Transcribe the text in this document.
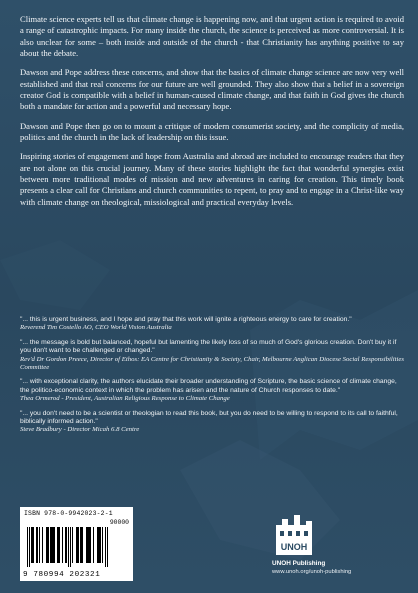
Climate science experts tell us that climate change is happening now, and that urgent action is required to avoid a range of catastrophic impacts. For many inside the church, the science is perceived as more controversial. It is also unclear for some – both inside and outside of the church - that Christianity has anything positive to say about the debate.

Dawson and Pope address these concerns, and show that the basics of climate change science are now very well established and that real concerns for our future are well grounded. They also show that a belief in a sovereign creator God is compatible with a belief in human-caused climate change, and that faith in God gives the church both a mandate for action and a powerful and necessary hope.

Dawson and Pope then go on to mount a critique of modern consumerist society, and the complicity of media, politics and the church in the lack of leadership on this issue.

Inspiring stories of engagement and hope from Australia and abroad are included to encourage readers that they are not alone on this crucial journey. Many of these stories highlight the fact that wonderful synergies exist between more traditional modes of mission and new adventures in caring for creation. This timely book presents a clear call for Christians and church communities to repent, to pray and to engage in a Christ-like way with climate change on theological, missiological and practical everyday levels.

"... this is urgent business, and I hope and pray that this work will ignite a righteous energy to care for creation."

Reverend Tim Costello AO, CEO World Vision Australia

"... the message is bold but balanced, hopeful but lamenting the likely loss of so much of God's glorious creation. Don't buy it if you don't want to be challenged or changed."

Rev'd Dr Gordon Preece, Director of Ethos: EA Centre for Christianity & Society, Chair, Melbourne Anglican Diocese Social Responsibilities Committee

"... with exceptional clarity, the authors elucidate their broader understanding of Scripture, the basic science of climate change, the politico-economic context in which the problem has arisen and the nature of Church responses to date."

Thea Ormerod - President, Australian Religious Response to Climate Change

"... you don't need to be a scientist or theologian to read this book, but you do need to be willing to respond to its call to faithful, biblically informed action."

Steve Bradbury - Director Micah 6.8 Centre

ISBN 978-0-9942023-2-1
90000
9 780994 202321
UNOH
UNOH Publishing
www.unoh.org/unoh-publishing
